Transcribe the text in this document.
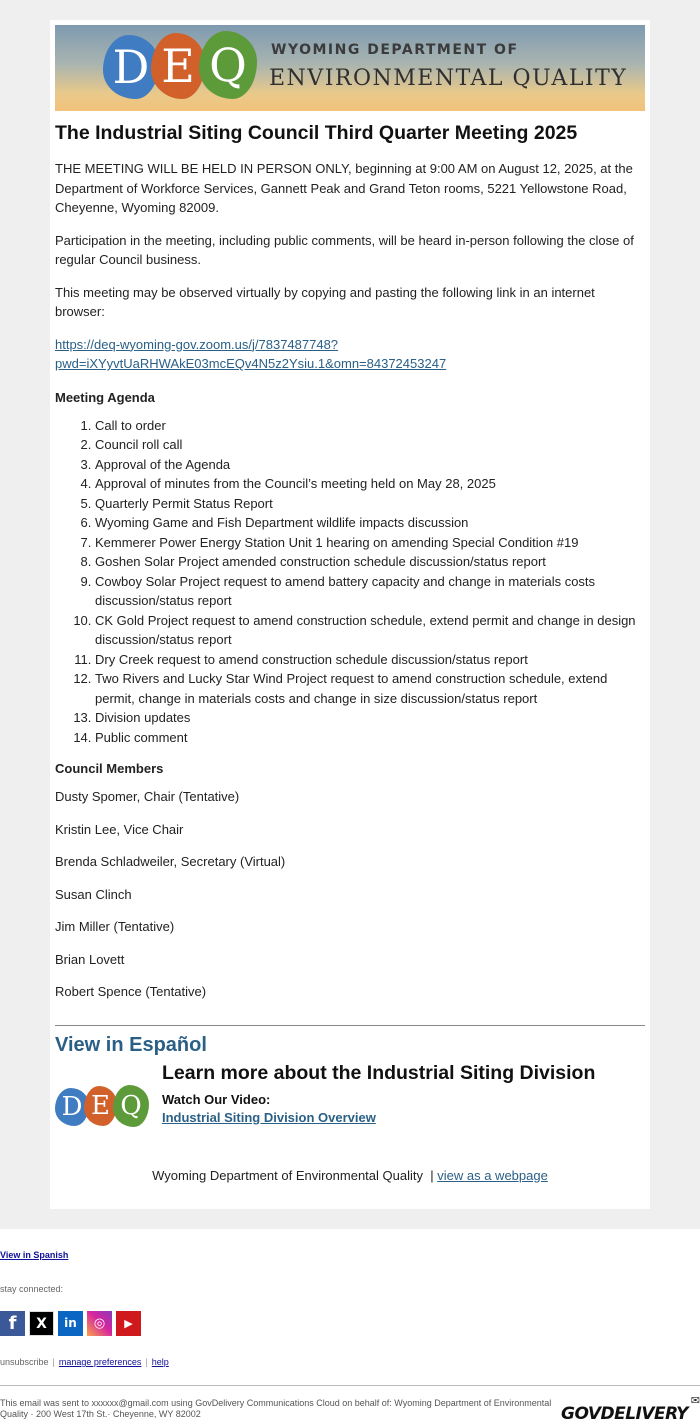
D E Q	WYOMING DEPARTMENT OF
ENVIRONMENTAL QUALITY
The Industrial Siting Council Third Quarter Meeting 2025

THE MEETING WILL BE HELD IN PERSON ONLY, beginning at 9:00 AM on August 12, 2025, at the Department of Workforce Services, Gannett Peak and Grand Teton rooms, 5221 Yellowstone Road, Cheyenne, Wyoming 82009.

Participation in the meeting, including public comments, will be heard in-person following the close of regular Council business.

This meeting may be observed virtually by copying and pasting the following link in an internet browser:

https://deq-wyoming-gov.zoom.us/j/7837487748?
pwd=iXYyvtUaRHWAkE03mcEQv4N5z2Ysiu.1&omn=84372453247
Meeting Agenda
1. Call to order
2. Council roll call
3. Approval of the Agenda
4. Approval of minutes from the Council’s meeting held on May 28, 2025
5. Quarterly Permit Status Report
6. Wyoming Game and Fish Department wildlife impacts discussion
7. Kemmerer Power Energy Station Unit 1 hearing on amending Special Condition #19
8. Goshen Solar Project amended construction schedule discussion/status report
9. Cowboy Solar Project request to amend battery capacity and change in materials costs discussion/status report
10. CK Gold Project request to amend construction schedule, extend permit and change in design discussion/status report
11. Dry Creek request to amend construction schedule discussion/status report
12. Two Rivers and Lucky Star Wind Project request to amend construction schedule, extend permit, change in materials costs and change in size discussion/status report
13. Division updates
14. Public comment
Council Members
Dusty Spomer, Chair (Tentative)
Kristin Lee, Vice Chair
Brenda Schladweiler, Secretary (Virtual)
Susan Clinch
Jim Miller (Tentative)
Brian Lovett
Robert Spence (Tentative)
View in Español
D E Q
Learn more about the Industrial Siting Division
Watch Our Video:
Industrial Siting Division Overview
Wyoming Department of Environmental Quality | view as a webpage
View in Spanish
stay connected:
f	X	in	◎	▶
unsubscribe | manage preferences | help
This email was sent to xxxxxx@gmail.com using GovDelivery Communications Cloud on behalf of: Wyoming Department of Environmental Quality · 200 West 17th St.· Cheyenne, WY 82002
✉
GOVDELIVERY
